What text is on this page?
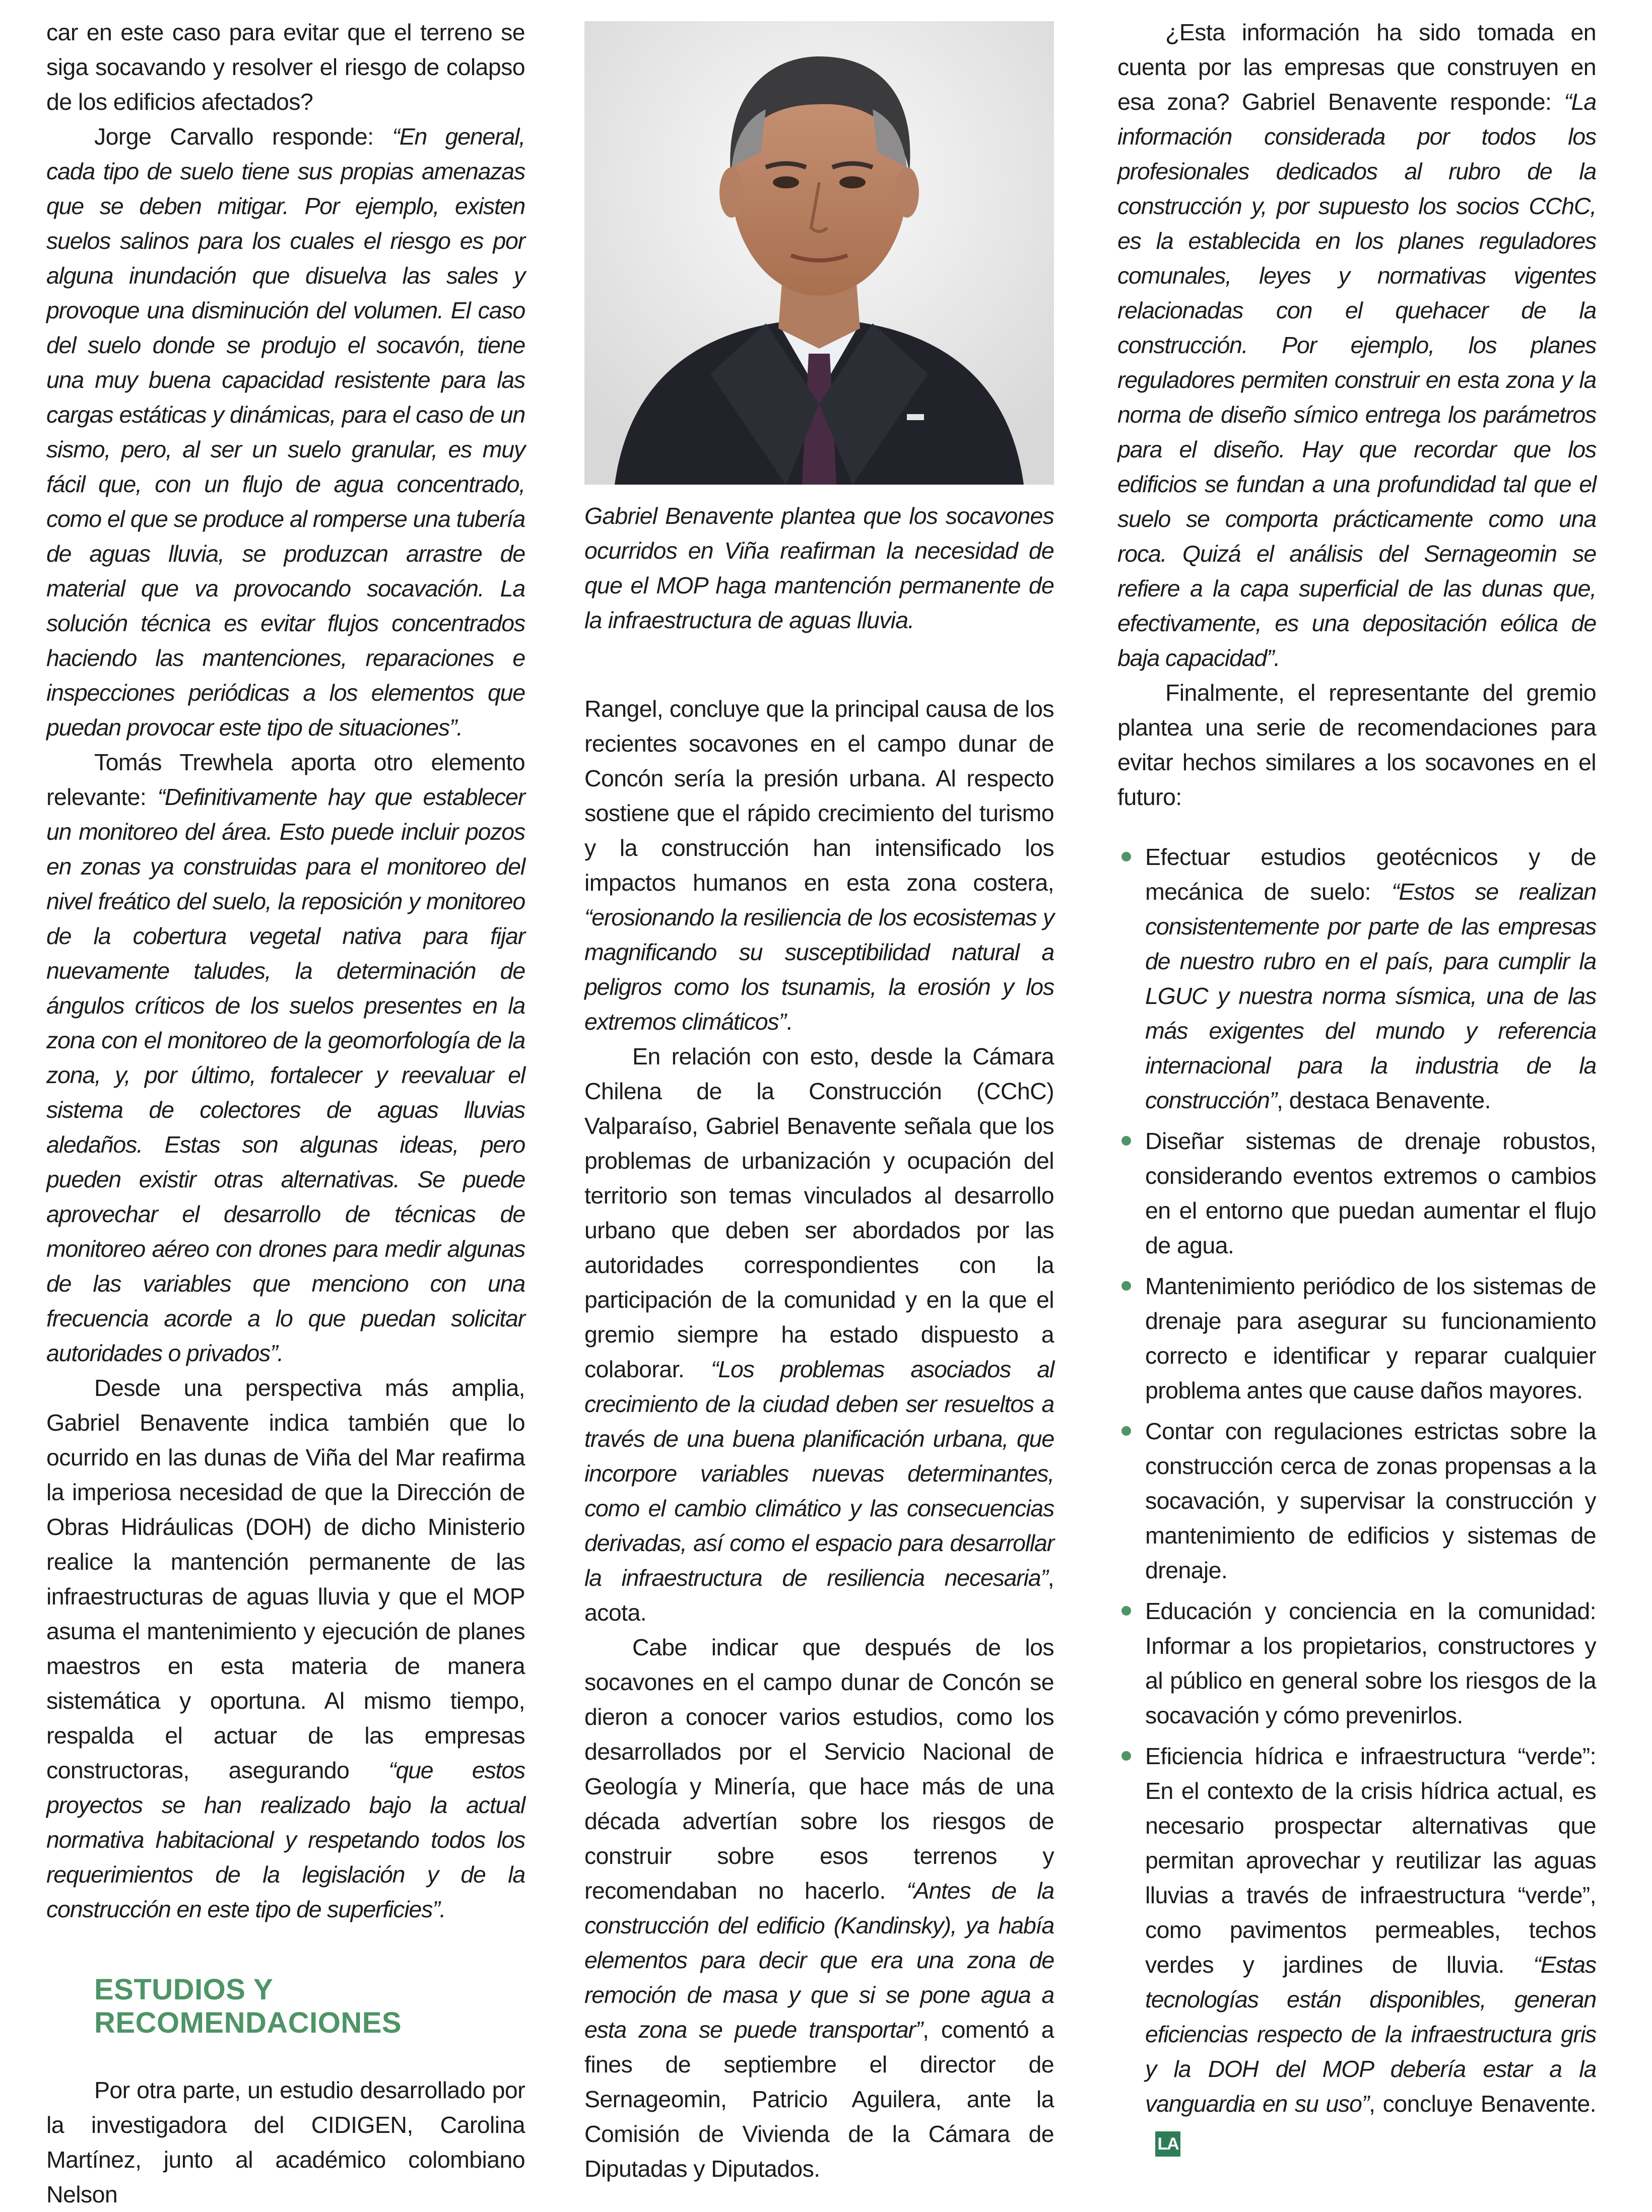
car en este caso para evitar que el terreno se siga socavando y resolver el riesgo de colapso de los edificios afectados?

Jorge Carvallo responde: “En general, cada tipo de suelo tiene sus propias amenazas que se deben mitigar. Por ejemplo, existen suelos salinos para los cuales el riesgo es por alguna inundación que disuelva las sales y provoque una disminución del volumen. El caso del suelo donde se produjo el socavón, tiene una muy buena capacidad resistente para las cargas estáticas y dinámicas, para el caso de un sismo, pero, al ser un suelo granular, es muy fácil que, con un flujo de agua concentrado, como el que se produce al romperse una tubería de aguas lluvia, se produzcan arrastre de material que va provocando socavación. La solución técnica es evitar flujos concentrados haciendo las mantenciones, reparaciones e inspecciones periódicas a los elementos que puedan provocar este tipo de situaciones”.

Tomás Trewhela aporta otro elemento relevante: “Definitivamente hay que establecer un monitoreo del área. Esto puede incluir pozos en zonas ya construidas para el monitoreo del nivel freático del suelo, la reposición y monitoreo de la cobertura vegetal nativa para fijar nuevamente taludes, la determinación de ángulos críticos de los suelos presentes en la zona con el monitoreo de la geomorfología de la zona, y, por último, fortalecer y reevaluar el sistema de colectores de aguas lluvias aledaños. Estas son algunas ideas, pero pueden existir otras alternativas. Se puede aprovechar el desarrollo de técnicas de monitoreo aéreo con drones para medir algunas de las variables que menciono con una frecuencia acorde a lo que puedan solicitar autoridades o privados”.

Desde una perspectiva más amplia, Gabriel Benavente indica también que lo ocurrido en las dunas de Viña del Mar reafirma la imperiosa necesidad de que la Dirección de Obras Hidráulicas (DOH) de dicho Ministerio realice la mantención permanente de las infraestructuras de aguas lluvia y que el MOP asuma el mantenimiento y ejecución de planes maestros en esta materia de manera sistemática y oportuna. Al mismo tiempo, respalda el actuar de las empresas constructoras, asegurando “que estos proyectos se han realizado bajo la actual normativa habitacional y respetando todos los requerimientos de la legislación y de la construcción en este tipo de superficies”.

ESTUDIOS Y
RECOMENDACIONES

Por otra parte, un estudio desarrollado por la investigadora del CIDIGEN, Carolina Martínez, junto al académico colombiano Nelson

Gabriel Benavente plantea que los socavones ocurridos en Viña reafirman la necesidad de que el MOP haga mantención permanente de la infraestructura de aguas lluvia.

Rangel, concluye que la principal causa de los recientes socavones en el campo dunar de Concón sería la presión urbana. Al respecto sostiene que el rápido crecimiento del turismo y la construcción han intensificado los impactos humanos en esta zona costera, “erosionando la resiliencia de los ecosistemas y magnificando su susceptibilidad natural a peligros como los tsunamis, la erosión y los extremos climáticos”.

En relación con esto, desde la Cámara Chilena de la Construcción (CChC) Valparaíso, Gabriel Benavente señala que los problemas de urbanización y ocupación del territorio son temas vinculados al desarrollo urbano que deben ser abordados por las autoridades correspondientes con la participación de la comunidad y en la que el gremio siempre ha estado dispuesto a colaborar. “Los problemas asociados al crecimiento de la ciudad deben ser resueltos a través de una buena planificación urbana, que incorpore variables nuevas determinantes, como el cambio climático y las consecuencias derivadas, así como el espacio para desarrollar la infraestructura de resiliencia necesaria”, acota.

Cabe indicar que después de los socavones en el campo dunar de Concón se dieron a conocer varios estudios, como los desarrollados por el Servicio Nacional de Geología y Minería, que hace más de una década advertían sobre los riesgos de construir sobre esos terrenos y recomendaban no hacerlo. “Antes de la construcción del edificio (Kandinsky), ya había elementos para decir que era una zona de remoción de masa y que si se pone agua a esta zona se puede transportar”, comentó a fines de septiembre el director de Sernageomin, Patricio Aguilera, ante la Comisión de Vivienda de la Cámara de Diputadas y Diputados.

¿Esta información ha sido tomada en cuenta por las empresas que construyen en esa zona? Gabriel Benavente responde: “La información considerada por todos los profesionales dedicados al rubro de la construcción y, por supuesto los socios CChC, es la establecida en los planes reguladores comunales, leyes y normativas vigentes relacionadas con el quehacer de la construcción. Por ejemplo, los planes reguladores permiten construir en esta zona y la norma de diseño símico entrega los parámetros para el diseño. Hay que recordar que los edificios se fundan a una profundidad tal que el suelo se comporta prácticamente como una roca. Quizá el análisis del Sernageomin se refiere a la capa superficial de las dunas que, efectivamente, es una depositación eólica de baja capacidad”.

Finalmente, el representante del gremio plantea una serie de recomendaciones para evitar hechos similares a los socavones en el futuro:

Efectuar estudios geotécnicos y de mecánica de suelo: “Estos se realizan consistentemente por parte de las empresas de nuestro rubro en el país, para cumplir la LGUC y nuestra norma sísmica, una de las más exigentes del mundo y referencia internacional para la industria de la construcción”, destaca Benavente.
Diseñar sistemas de drenaje robustos, considerando eventos extremos o cambios en el entorno que puedan aumentar el flujo de agua.
Mantenimiento periódico de los sistemas de drenaje para asegurar su funcionamiento correcto e identificar y reparar cualquier problema antes que cause daños mayores.
Contar con regulaciones estrictas sobre la construcción cerca de zonas propensas a la socavación, y supervisar la construcción y mantenimiento de edificios y sistemas de drenaje.
Educación y conciencia en la comunidad: Informar a los propietarios, constructores y al público en general sobre los riesgos de la socavación y cómo prevenirlos.
Eficiencia hídrica e infraestructura “verde”: En el contexto de la crisis hídrica actual, es necesario prospectar alternativas que permitan aprovechar y reutilizar las aguas lluvias a través de infraestructura “verde”, como pavimentos permeables, techos verdes y jardines de lluvia. “Estas tecnologías están disponibles, generan eficiencias respecto de la infraestructura gris y la DOH del MOP debería estar a la vanguardia en su uso”, concluye Benavente.LA
